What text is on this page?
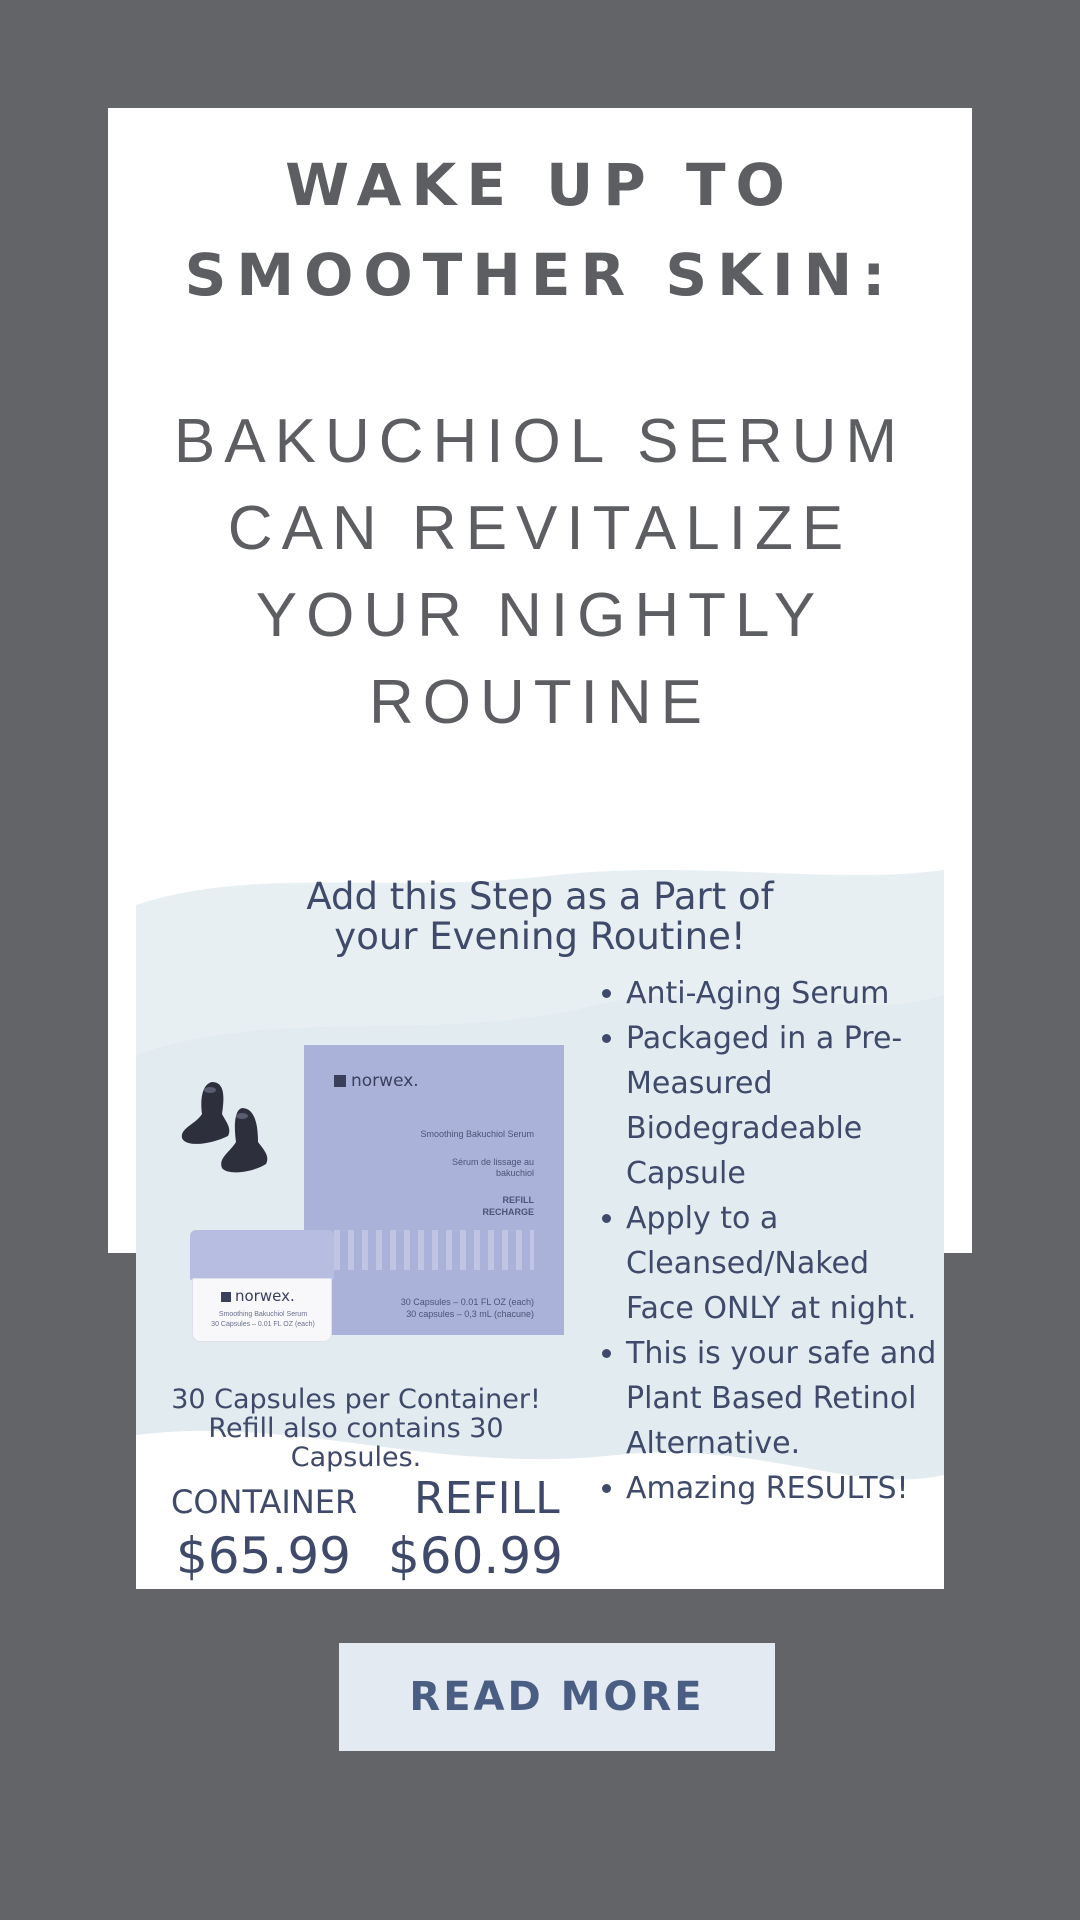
WAKE UP TO
SMOOTHER SKIN:
BAKUCHIOL SERUM
CAN REVITALIZE
YOUR NIGHTLY
ROUTINE
Add this Step as a Part of
your Evening Routine!
norwex.
Smoothing Bakuchiol Serum
Sérum de lissage au bakuchiol
REFILL
RECHARGE
30 Capsules – 0.01 FL OZ (each)
30 capsules – 0,3 mL (chacune)
norwex.
Smoothing Bakuchiol Serum
30 Capsules – 0.01 FL OZ (each)
Anti-Aging Serum
Packaged in a Pre-Measured Biodegradeable Capsule
Apply to a Cleansed/Naked Face ONLY at night.
This is your safe and Plant Based Retinol Alternative.
Amazing RESULTS!
30 Capsules per Container!
Refill also contains 30
Capsules.
CONTAINER REFILL
$65.99 $60.99
READ MORE
